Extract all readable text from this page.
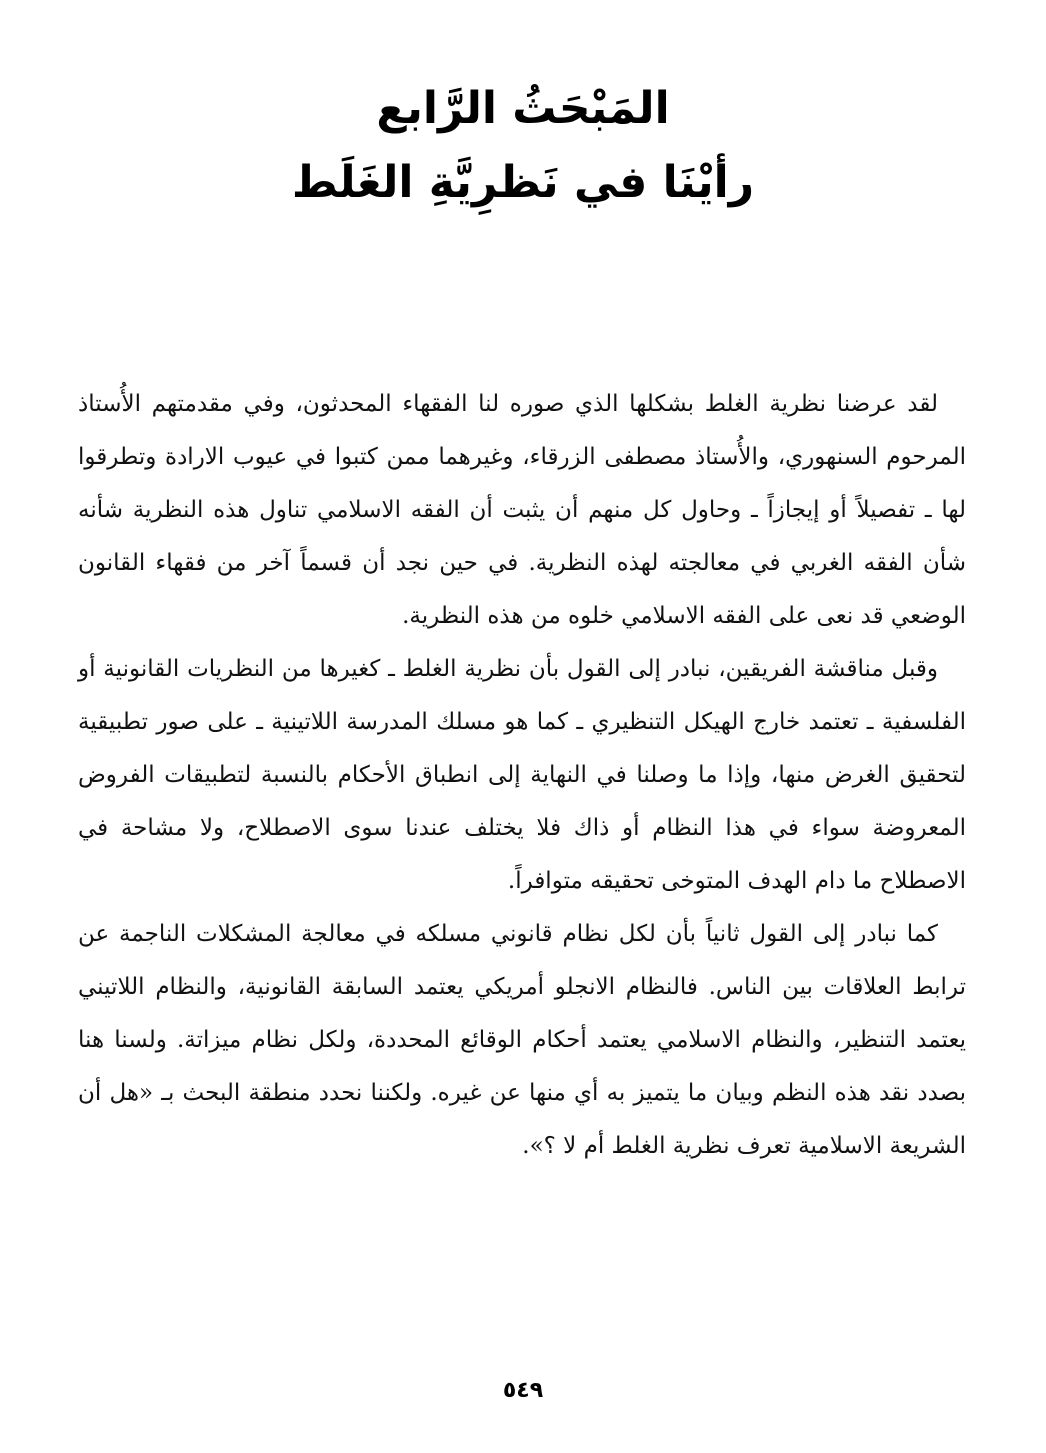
المَبْحَثُ الرَّابع
رأيْنَا في نَظرِيَّةِ الغَلَط

لقد عرضنا نظرية الغلط بشكلها الذي صوره لنا الفقهاء المحدثون، وفي مقدمتهم الأُستاذ المرحوم السنهوري، والأُستاذ مصطفى الزرقاء، وغيرهما ممن كتبوا في عيوب الارادة وتطرقوا لها ـ تفصيلاً أو إيجازاً ـ وحاول كل منهم أن يثبت أن الفقه الاسلامي تناول هذه النظرية شأنه شأن الفقه الغربي في معالجته لهذه النظرية. في حين نجد أن قسماً آخر من فقهاء القانون الوضعي قد نعى على الفقه الاسلامي خلوه من هذه النظرية.

وقبل مناقشة الفريقين، نبادر إلى القول بأن نظرية الغلط ـ كغيرها من النظريات القانونية أو الفلسفية ـ تعتمد خارج الهيكل التنظيري ـ كما هو مسلك المدرسة اللاتينية ـ على صور تطبيقية لتحقيق الغرض منها، وإذا ما وصلنا في النهاية إلى انطباق الأحكام بالنسبة لتطبيقات الفروض المعروضة سواء في هذا النظام أو ذاك فلا يختلف عندنا سوى الاصطلاح، ولا مشاحة في الاصطلاح ما دام الهدف المتوخى تحقيقه متوافراً.

كما نبادر إلى القول ثانياً بأن لكل نظام قانوني مسلكه في معالجة المشكلات الناجمة عن ترابط العلاقات بين الناس. فالنظام الانجلو أمريكي يعتمد السابقة القانونية، والنظام اللاتيني يعتمد التنظير، والنظام الاسلامي يعتمد أحكام الوقائع المحددة، ولكل نظام ميزاتة. ولسنا هنا بصدد نقد هذه النظم وبيان ما يتميز به أي منها عن غيره. ولكننا نحدد منطقة البحث بـ «هل أن الشريعة الاسلامية تعرف نظرية الغلط أم لا ؟».

٥٤٩
